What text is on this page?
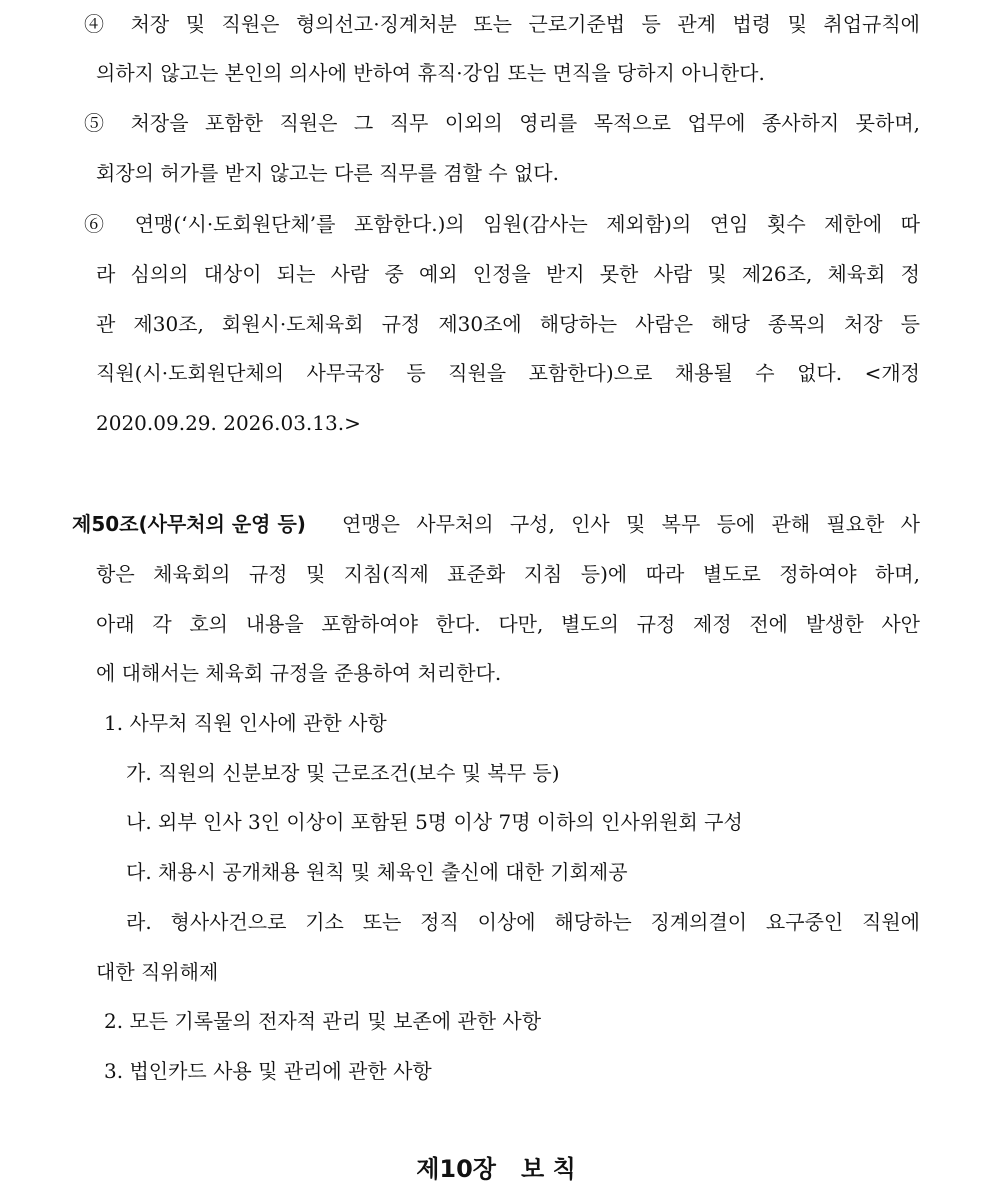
④ 처장 및 직원은 형의선고·징계처분 또는 근로기준법 등 관계 법령 및 취업규칙에
의하지 않고는 본인의 의사에 반하여 휴직·강임 또는 면직을 당하지 아니한다.
⑤ 처장을 포함한 직원은 그 직무 이외의 영리를 목적으로 업무에 종사하지 못하며,
회장의 허가를 받지 않고는 다른 직무를 겸할 수 없다.
⑥ 연맹(‘시·도회원단체’를 포함한다.)의 임원(감사는 제외함)의 연임 횟수 제한에 따
라 심의의 대상이 되는 사람 중 예외 인정을 받지 못한 사람 및 제26조, 체육회 정
관 제30조, 회원시·도체육회 규정 제30조에 해당하는 사람은 해당 종목의 처장 등
직원(시·도회원단체의 사무국장 등 직원을 포함한다)으로 채용될 수 없다. <개정
2020.09.29. 2026.03.13.>
제50조(사무처의 운영 등) 연맹은 사무처의 구성, 인사 및 복무 등에 관해 필요한 사
항은 체육회의 규정 및 지침(직제 표준화 지침 등)에 따라 별도로 정하여야 하며,
아래 각 호의 내용을 포함하여야 한다. 다만, 별도의 규정 제정 전에 발생한 사안
에 대해서는 체육회 규정을 준용하여 처리한다.
1. 사무처 직원 인사에 관한 사항
가. 직원의 신분보장 및 근로조건(보수 및 복무 등)
나. 외부 인사 3인 이상이 포함된 5명 이상 7명 이하의 인사위원회 구성
다. 채용시 공개채용 원칙 및 체육인 출신에 대한 기회제공
라. 형사사건으로 기소 또는 정직 이상에 해당하는 징계의결이 요구중인 직원에
대한 직위해제
2. 모든 기록물의 전자적 관리 및 보존에 관한 사항
3. 법인카드 사용 및 관리에 관한 사항
제10장   보 칙
